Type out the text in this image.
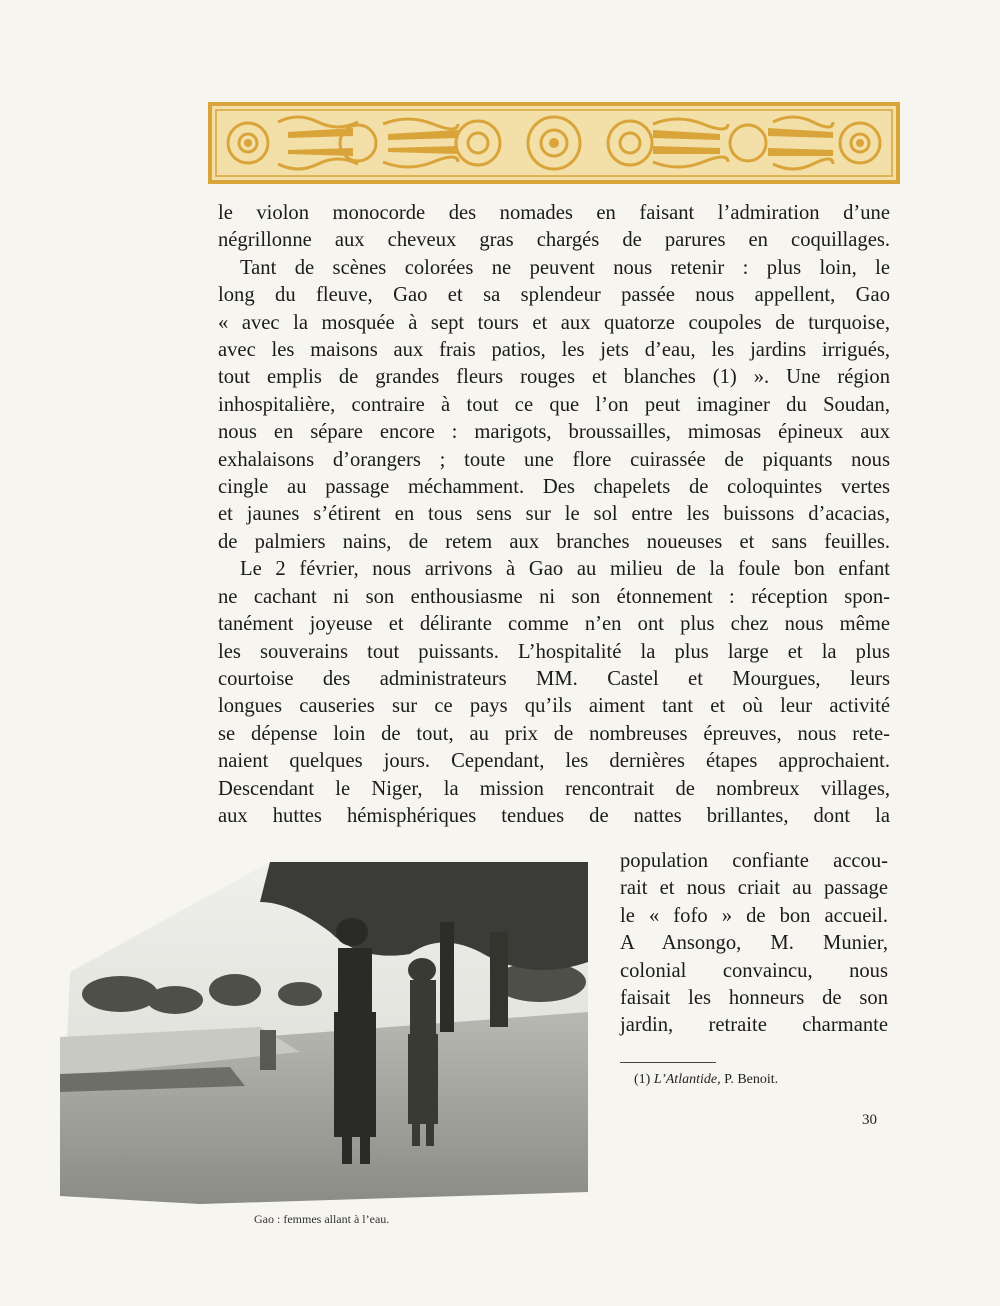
le violon monocorde des nomades en faisant l’admiration d’une
négrillonne aux cheveux gras chargés de parures en coquillages.
Tant de scènes colorées ne peuvent nous retenir : plus loin, le
long du fleuve, Gao et sa splendeur passée nous appellent, Gao
« avec la mosquée à sept tours et aux quatorze coupoles de turquoise,
avec les maisons aux frais patios, les jets d’eau, les jardins irrigués,
tout emplis de grandes fleurs rouges et blanches (1) ». Une région
inhospitalière, contraire à tout ce que l’on peut imaginer du Soudan,
nous en sépare encore : marigots, broussailles, mimosas épineux aux
exhalaisons d’orangers ; toute une flore cuirassée de piquants nous
cingle au passage méchamment. Des chapelets de coloquintes vertes
et jaunes s’étirent en tous sens sur le sol entre les buissons d’acacias,
de palmiers nains, de retem aux branches noueuses et sans feuilles.
Le 2 février, nous arrivons à Gao au milieu de la foule bon enfant
ne cachant ni son enthousiasme ni son étonnement : réception spon-
tanément joyeuse et délirante comme n’en ont plus chez nous même
les souverains tout puissants. L’hospitalité la plus large et la plus
courtoise des administrateurs MM. Castel et Mourgues, leurs
longues causeries sur ce pays qu’ils aiment tant et où leur activité
se dépense loin de tout, au prix de nombreuses épreuves, nous rete-
naient quelques jours. Cependant, les dernières étapes approchaient.
Descendant le Niger, la mission rencontrait de nombreux villages,
aux huttes hémisphériques tendues de nattes brillantes, dont la
population confiante accou-
rait et nous criait au passage
le « fofo » de bon accueil.
A Ansongo, M. Munier,
colonial convaincu, nous
faisait les honneurs de son
jardin, retraite charmante
(1) L’Atlantide, P. Benoit.
30
Gao : femmes allant à l’eau.
